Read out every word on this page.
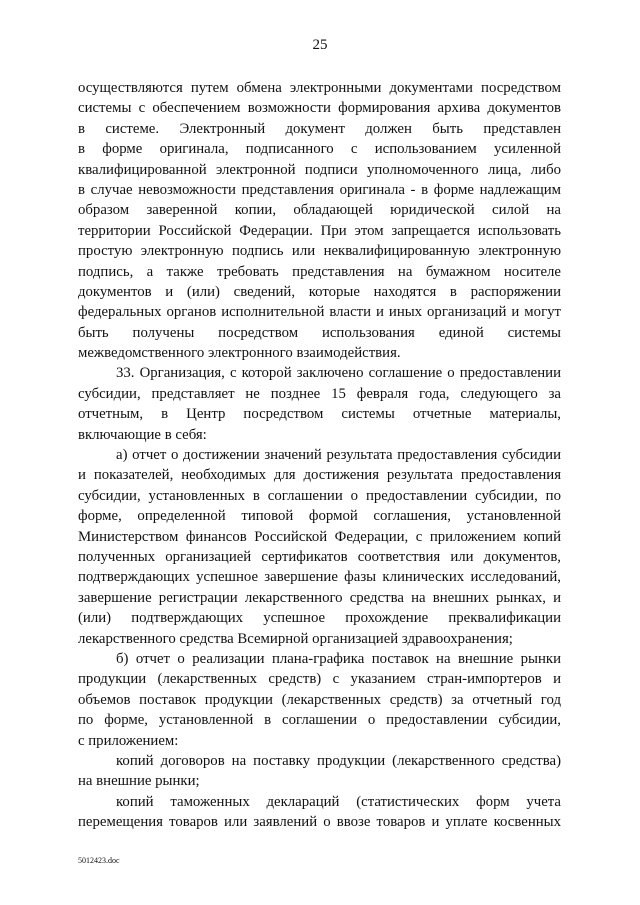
25
осуществляются путем обмена электронными документами посредством
системы с обеспечением возможности формирования архива документов
в системе. Электронный документ должен быть представлен
в форме оригинала, подписанного с использованием усиленной
квалифицированной электронной подписи уполномоченного лица, либо
в случае невозможности представления оригинала - в форме надлежащим
образом заверенной копии, обладающей юридической силой на
территории Российской Федерации. При этом запрещается использовать
простую электронную подпись или неквалифицированную электронную
подпись, а также требовать представления на бумажном носителе
документов и (или) сведений, которые находятся в распоряжении
федеральных органов исполнительной власти и иных организаций и могут
быть получены посредством использования единой системы
межведомственного электронного взаимодействия.
33. Организация, с которой заключено соглашение о предоставлении
субсидии, представляет не позднее 15 февраля года, следующего за
отчетным, в Центр посредством системы отчетные материалы,
включающие в себя:
а) отчет о достижении значений результата предоставления субсидии
и показателей, необходимых для достижения результата предоставления
субсидии, установленных в соглашении о предоставлении субсидии, по
форме, определенной типовой формой соглашения, установленной
Министерством финансов Российской Федерации, с приложением копий
полученных организацией сертификатов соответствия или документов,
подтверждающих успешное завершение фазы клинических исследований,
завершение регистрации лекарственного средства на внешних рынках, и
(или) подтверждающих успешное прохождение преквалификации
лекарственного средства Всемирной организацией здравоохранения;
б) отчет о реализации плана-графика поставок на внешние рынки
продукции (лекарственных средств) с указанием стран-импортеров и
объемов поставок продукции (лекарственных средств) за отчетный год
по форме, установленной в соглашении о предоставлении субсидии,
с приложением:
копий договоров на поставку продукции (лекарственного средства)
на внешние рынки;
копий таможенных деклараций (статистических форм учета
перемещения товаров или заявлений о ввозе товаров и уплате косвенных
5012423.doc
